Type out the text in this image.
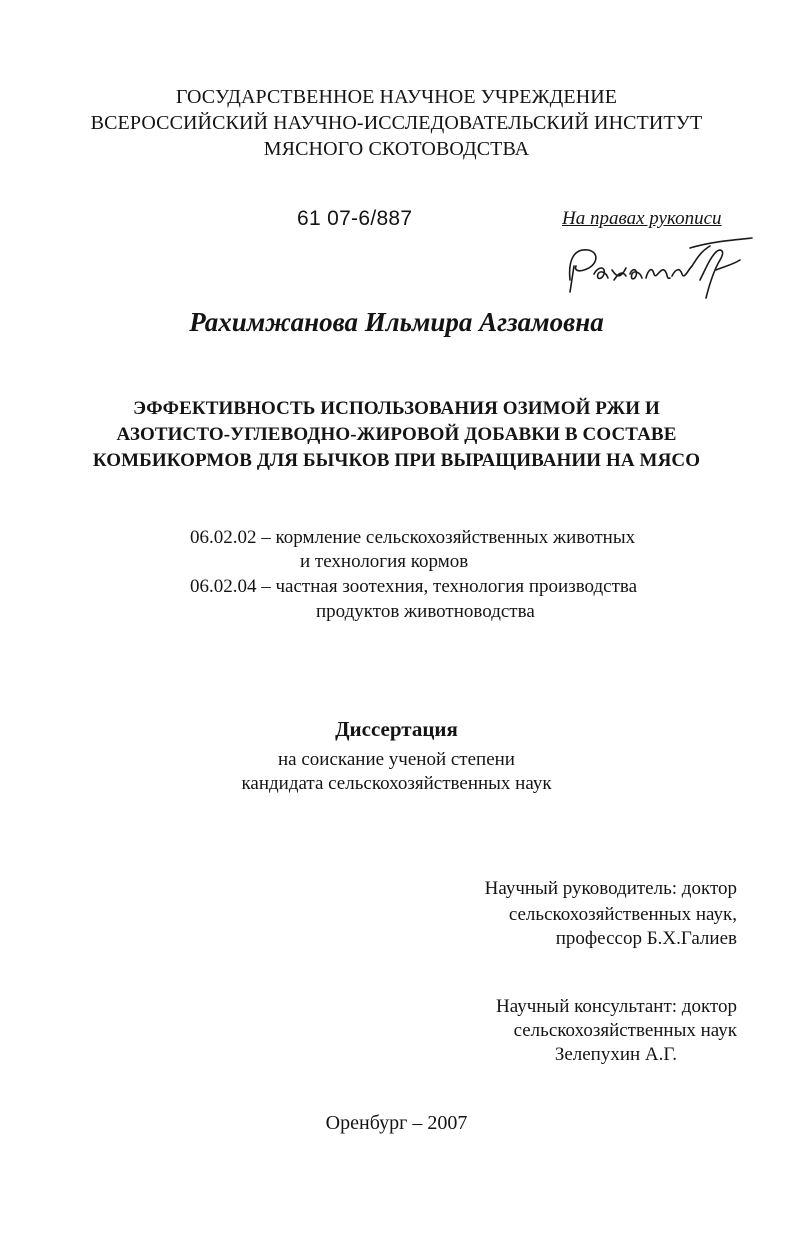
ГОСУДАРСТВЕННОЕ НАУЧНОЕ УЧРЕЖДЕНИЕ
ВСЕРОССИЙСКИЙ НАУЧНО-ИССЛЕДОВАТЕЛЬСКИЙ ИНСТИТУТ
МЯСНОГО СКОТОВОДСТВА
61 07-6/887	На правах рукописи
Рахим
Рахимжанова Ильмира Агзамовна
ЭФФЕКТИВНОСТЬ ИСПОЛЬЗОВАНИЯ ОЗИМОЙ РЖИ И
АЗОТИСТО-УГЛЕВОДНО-ЖИРОВОЙ ДОБАВКИ В СОСТАВЕ
КОМБИКОРМОВ ДЛЯ БЫЧКОВ ПРИ ВЫРАЩИВАНИИ НА МЯСО
06.02.02 – кормление сельскохозяйственных животных
и технология кормов
06.02.04 – частная зоотехния, технология производства
продуктов животноводства
Диссертация
на соискание ученой степени
кандидата сельскохозяйственных наук
Научный руководитель: доктор
сельскохозяйственных наук,
профессор Б.Х.Галиев
Научный консультант: доктор
сельскохозяйственных наук
Зелепухин А.Г.
Оренбург – 2007
